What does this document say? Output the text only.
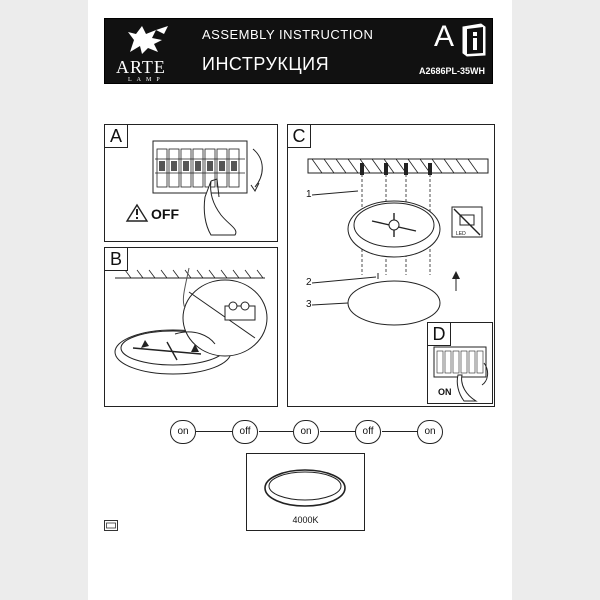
ARTE
LAMP
ASSEMBLY INSTRUCTION
ИНСТРУКЦИЯ
A
A2686PL-35WH
OFF
A
B
1
2
3
LED
C
ON
D
on	off	on	off	on
4000K
